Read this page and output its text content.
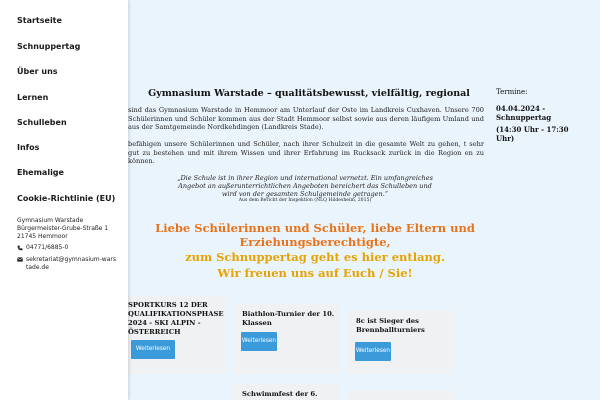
Gymnasium Warstade – qualitätsbewusst, vielfältig, regional
sind das Gymnasium Warstade in Hemmoor am Unterlauf der Oste im Landkreis Cuxhaven. Unsere 700 Schülerinnen und Schüler kommen aus der Stadt Hemmoor selbst sowie aus deren läufigem Umland und aus der Samtgemeinde Nordkehdingen (Landkreis Stade).
befähigen unsere Schülerinnen und Schüler, nach ihrer Schulzeit in die gesamte Welt zu gehen, t sehr gut zu bestehen und mit ihrem Wissen und ihrer Erfahrung im Rucksack zurück in die Region en zu können.
„Die Schule ist in ihrer Region und international vernetzt. Ein umfangreiches Angebot an außerunterrichtlichen Angeboten bereichert das Schulleben und wird von der gesamten Schulgemeinde getragen.“
Aus dem Bericht der Inspektion (NLQ Hildesheim, 2015)
Liebe Schülerinnen und Schüler, liebe Eltern und
Erziehungsberechtigte,
zum Schnuppertag geht es hier entlang.
Wir freuen uns auf Euch / Sie!
Termine:
04.04.2024 -
Schnuppertag
(14:30 Uhr - 17:30 Uhr)
SPORTKURS 12 DER QUALIFIKATIONSPHASE 2024 - SKI ALPIN - ÖSTERREICH
Weiterlesen
Biathlon-Turnier der 10. Klassen
Weiterlesen
8c ist Sieger des Brennballturniers
Weiterlesen
Schwimmfest der 6.
Startseite
Schnuppertag
Über uns
Lernen
Schulleben
Infos
Ehemalige
Cookie-Richtlinie (EU)
Gymnasium Warstade
Bürgermeister-Grube-Straße 1
21745 Hemmoor
04771/6885-0
sekretariat@gymnasium-warstade.de
